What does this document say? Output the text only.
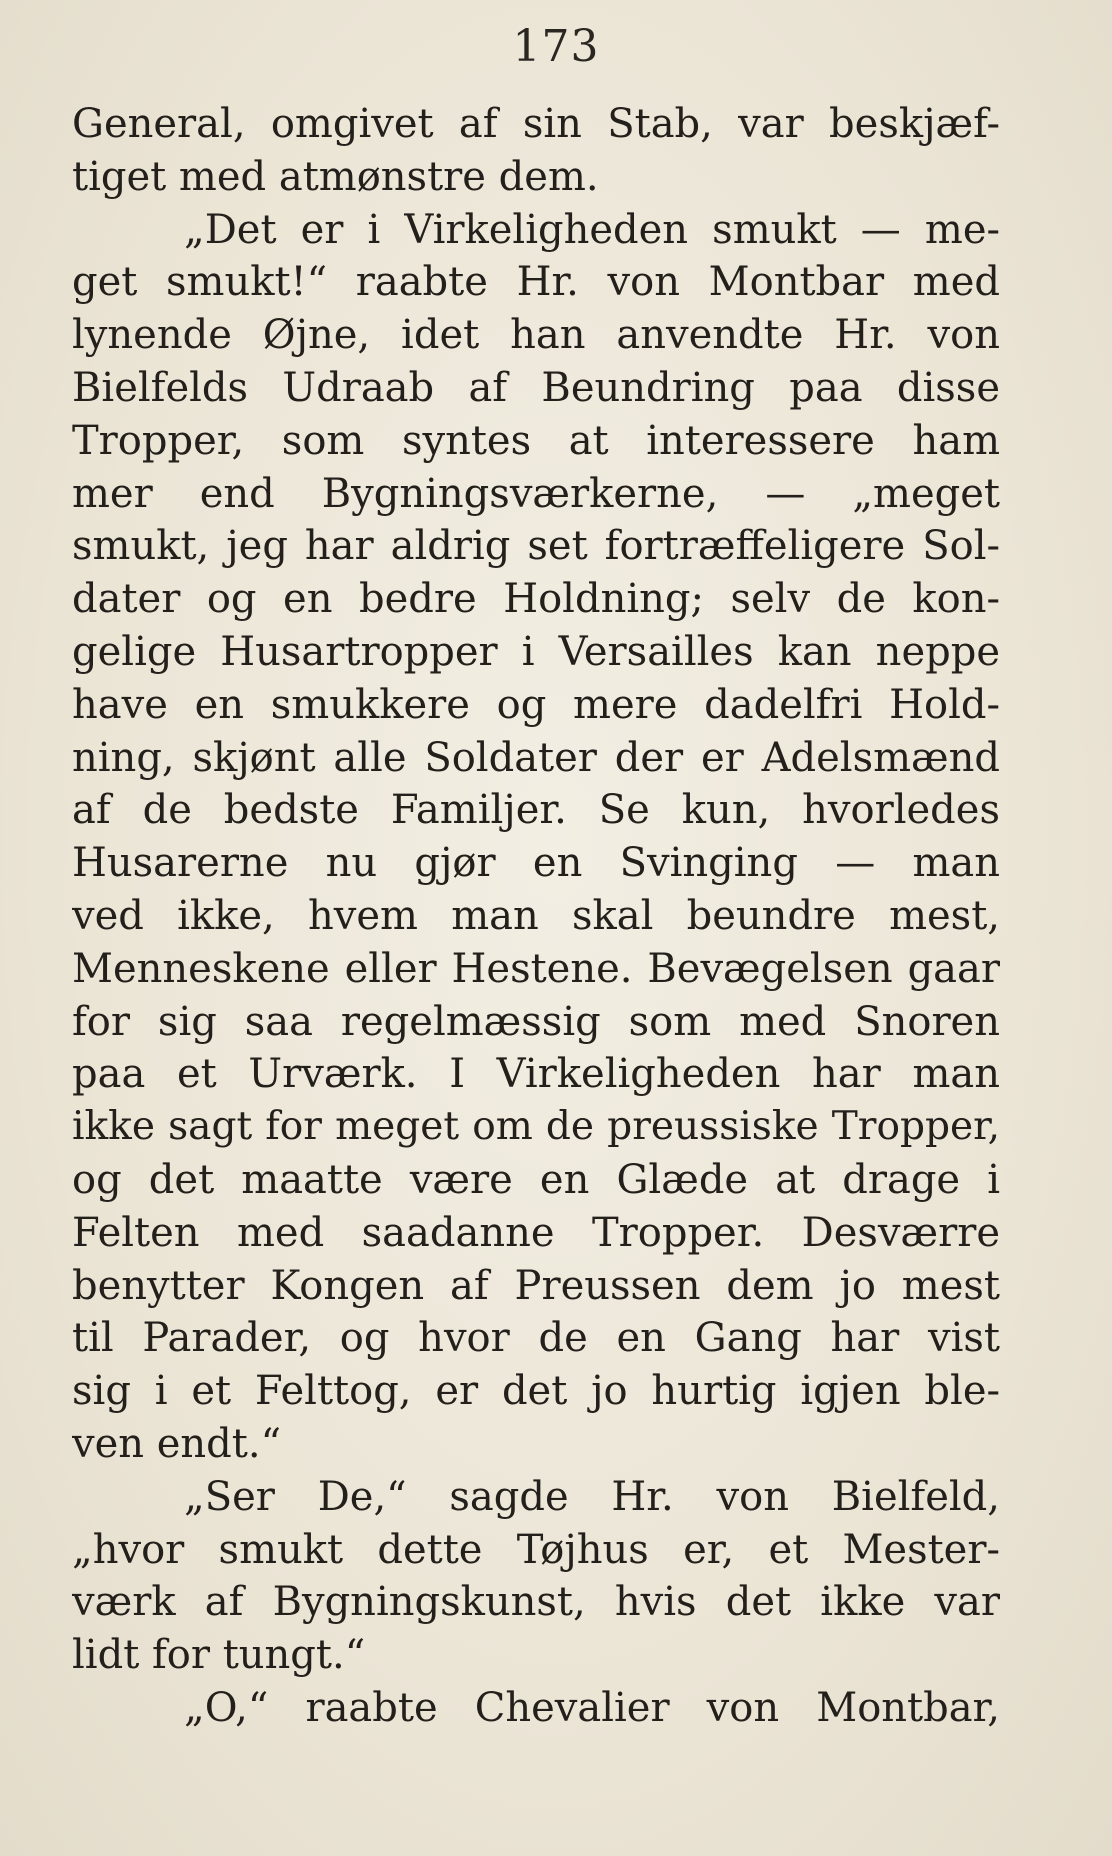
173
General, omgivet af sin Stab, var beskjæf-
tiget med atmønstre dem.
„Det er i Virkeligheden smukt — me-
get smukt!“ raabte Hr. von Montbar med
lynende Øjne, idet han anvendte Hr. von
Bielfelds Udraab af Beundring paa disse
Tropper, som syntes at interessere ham
mer end Bygningsværkerne, — „meget
smukt, jeg har aldrig set fortræffeligere Sol-
dater og en bedre Holdning; selv de kon-
gelige Husartropper i Versailles kan neppe
have en smukkere og mere dadelfri Hold-
ning, skjønt alle Soldater der er Adelsmænd
af de bedste Familjer. Se kun, hvorledes
Husarerne nu gjør en Svinging — man
ved ikke, hvem man skal beundre mest,
Menneskene eller Hestene. Bevægelsen gaar
for sig saa regelmæssig som med Snoren
paa et Urværk. I Virkeligheden har man
ikke sagt for meget om de preussiske Tropper,
og det maatte være en Glæde at drage i
Felten med saadanne Tropper. Desværre
benytter Kongen af Preussen dem jo mest
til Parader, og hvor de en Gang har vist
sig i et Felttog, er det jo hurtig igjen ble-
ven endt.“
„Ser De,“ sagde Hr. von Bielfeld,
„hvor smukt dette Tøjhus er, et Mester-
værk af Bygningskunst, hvis det ikke var
lidt for tungt.“
„O,“ raabte Chevalier von Montbar,
